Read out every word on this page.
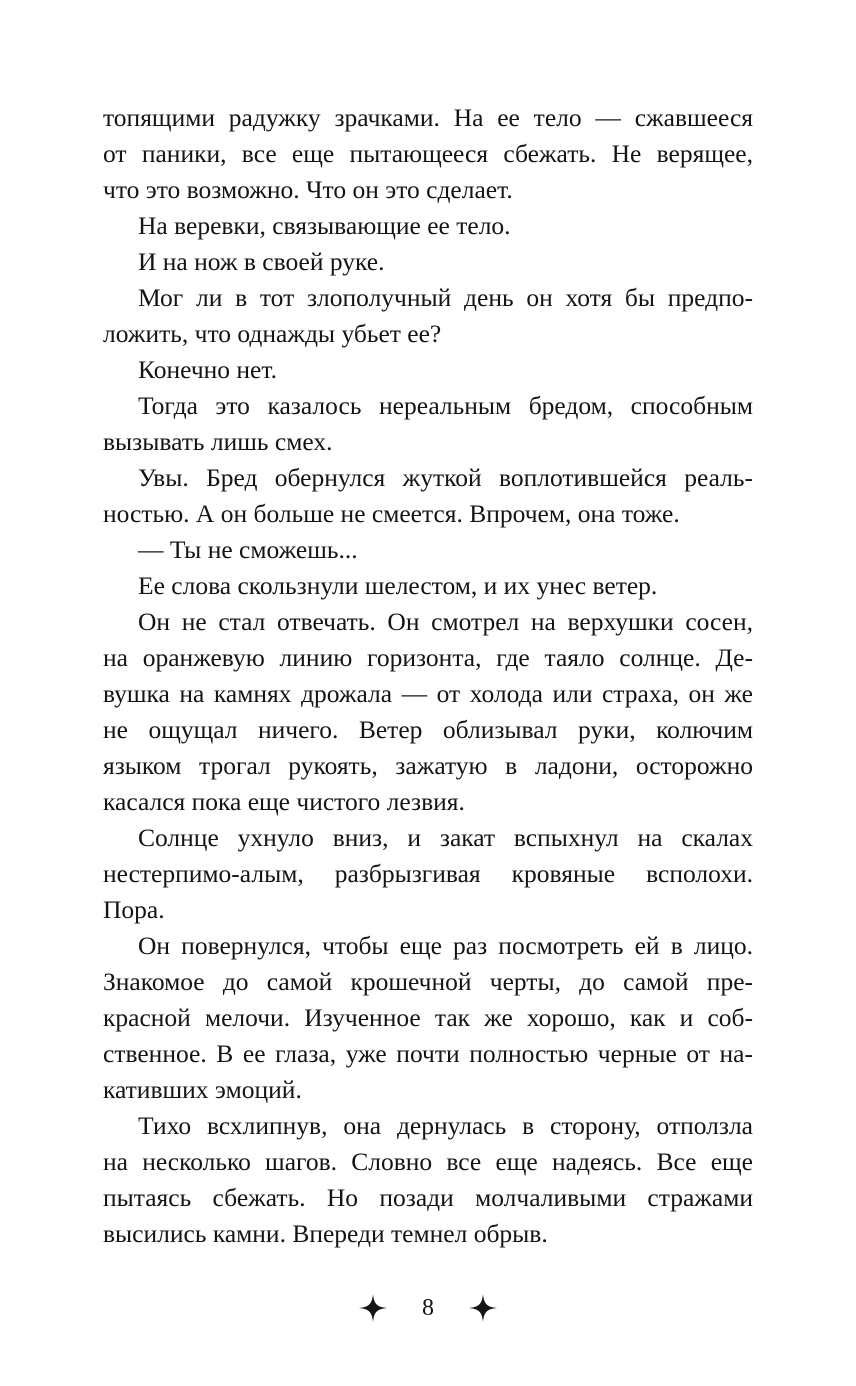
топящими радужку зрачками. На ее тело — сжавшееся
от паники, все еще пытающееся сбежать. Не верящее,
что это возможно. Что он это сделает.
На веревки, связывающие ее тело.
И на нож в своей руке.
Мог ли в тот злополучный день он хотя бы предпо-
ложить, что однажды убьет ее?
Конечно нет.
Тогда это казалось нереальным бредом, способным
вызывать лишь смех.
Увы. Бред обернулся жуткой воплотившейся реаль-
ностью. А он больше не смеется. Впрочем, она тоже.
— Ты не сможешь...
Ее слова скользнули шелестом, и их унес ветер.
Он не стал отвечать. Он смотрел на верхушки сосен,
на оранжевую линию горизонта, где таяло солнце. Де-
вушка на камнях дрожала — от холода или страха, он же
не ощущал ничего. Ветер облизывал руки, колючим
языком трогал рукоять, зажатую в ладони, осторожно
касался пока еще чистого лезвия.
Солнце ухнуло вниз, и закат вспыхнул на скалах
нестерпимо-алым, разбрызгивая кровяные всполохи.
Пора.
Он повернулся, чтобы еще раз посмотреть ей в лицо.
Знакомое до самой крошечной черты, до самой пре-
красной мелочи. Изученное так же хорошо, как и соб-
ственное. В ее глаза, уже почти полностью черные от на-
кативших эмоций.
Тихо всхлипнув, она дернулась в сторону, отползла
на несколько шагов. Словно все еще надеясь. Все еще
пытаясь сбежать. Но позади молчаливыми стражами
высились камни. Впереди темнел обрыв.
8
